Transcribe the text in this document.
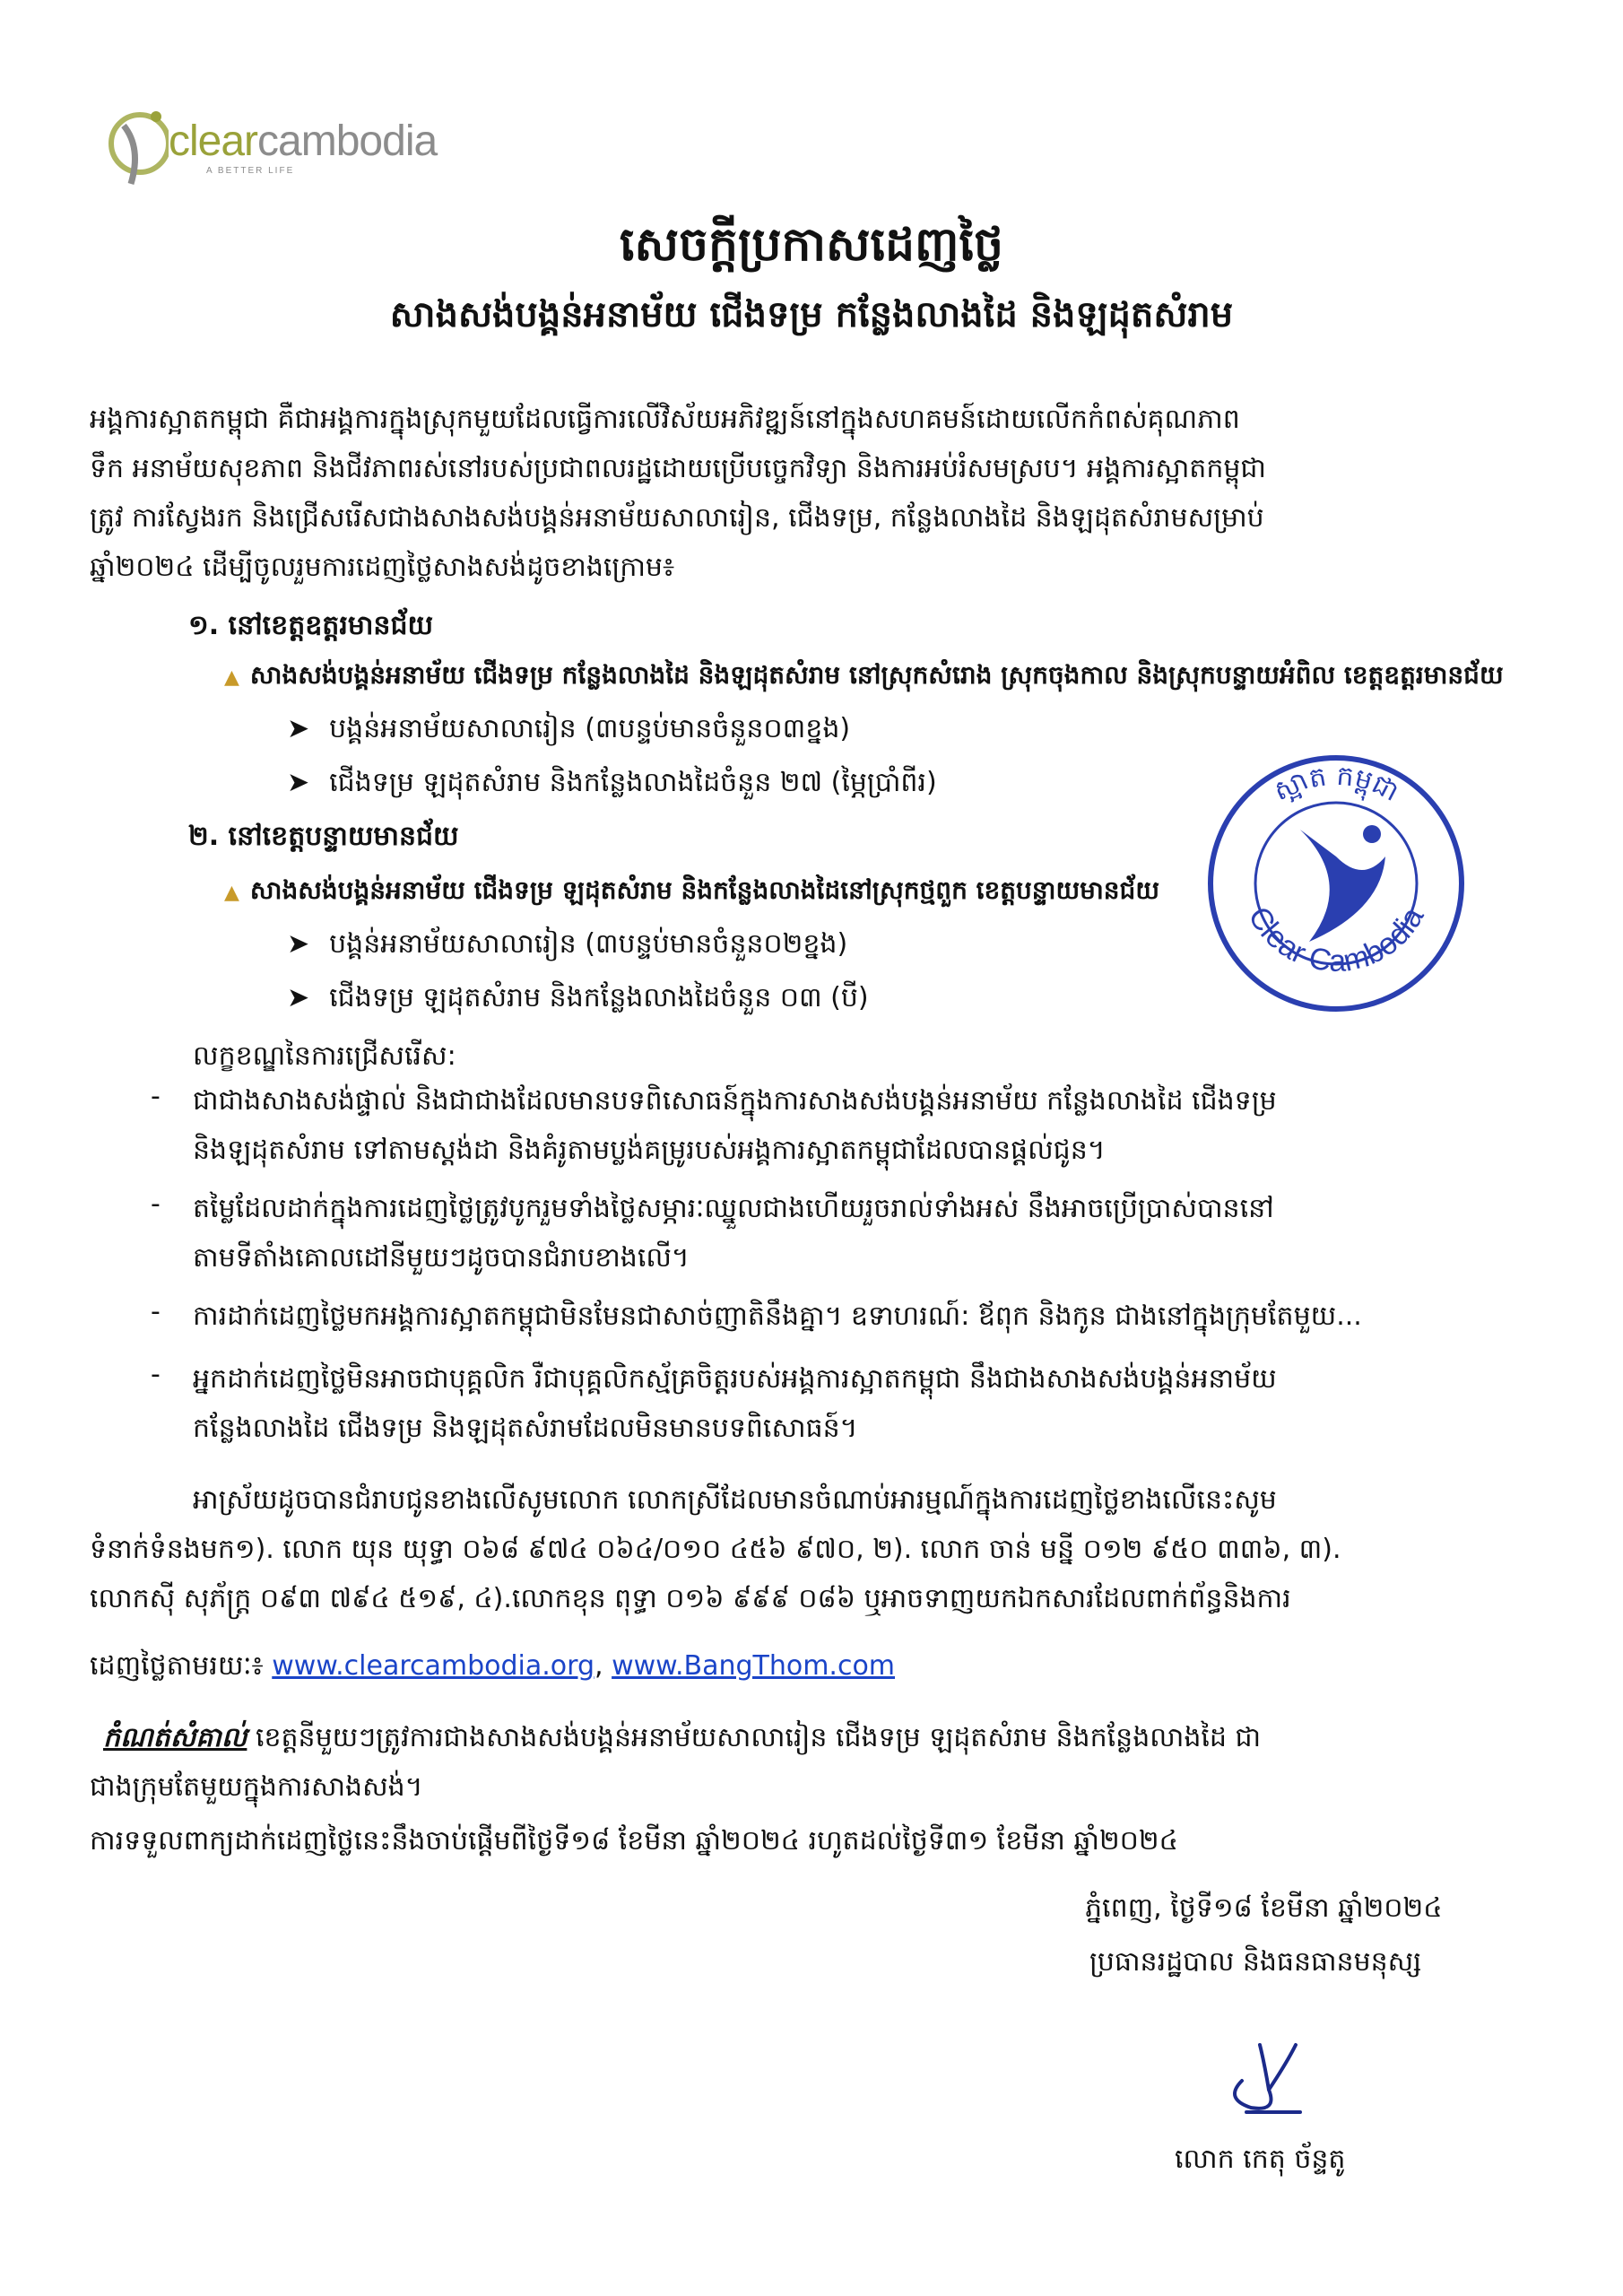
clearcambodia
A BETTER LIFE
សេចក្ដីប្រកាសដេញថ្លៃ
សាងសង់បង្គន់អនាម័យ ជើងទម្រ កន្លែងលាងដៃ និងឡដុតសំរាម
អង្គការស្អាតកម្ពុជា គឺជាអង្គការក្នុងស្រុកមួយដែលធ្វើការលើវិស័យអភិវឌ្ឍន៍នៅក្នុងសហគមន៍ដោយលើកកំពស់គុណភាព
ទឹក អនាម័យសុខភាព និងជីវភាពរស់នៅរបស់ប្រជាពលរដ្ឋដោយប្រើបច្ចេកវិទ្យា និងការអប់រំសមស្រប។ អង្គការស្អាតកម្ពុជា
ត្រូវ ការស្វែងរក និងជ្រើសរើសជាងសាងសង់បង្គន់អនាម័យសាលារៀន, ជើងទម្រ, កន្លែងលាងដៃ និងឡដុតសំរាមសម្រាប់
ឆ្នាំ២០២៤ ដើម្បីចូលរួមការដេញថ្លៃសាងសង់ដូចខាងក្រោម៖
១. នៅខេត្តឧត្តរមានជ័យ
▲ សាងសង់បង្គន់អនាម័យ ជើងទម្រ កន្លែងលាងដៃ និងឡដុតសំរាម នៅស្រុកសំរោង ស្រុកចុងកាល និងស្រុកបន្ទាយអំពិល ខេត្តឧត្តរមានជ័យ
➤ បង្គន់អនាម័យសាលារៀន (៣បន្ទប់មានចំនួន០៣ខ្នង)
➤ ជើងទម្រ ឡដុតសំរាម និងកន្លែងលាងដៃចំនួន ២៧ (ម្ភៃប្រាំពីរ)
២. នៅខេត្តបន្ទាយមានជ័យ
▲ សាងសង់បង្គន់អនាម័យ ជើងទម្រ ឡដុតសំរាម និងកន្លែងលាងដៃនៅស្រុកថ្មពួក ខេត្តបន្ទាយមានជ័យ
➤ បង្គន់អនាម័យសាលារៀន (៣បន្ទប់មានចំនួន០២ខ្នង)
➤ ជើងទម្រ ឡដុតសំរាម និងកន្លែងលាងដៃចំនួន ០៣ (បី)
ស្អាត កម្ពុជា
Clear Cambodia
លក្ខខណ្ឌនៃការជ្រើសរើស:
- ជាជាងសាងសង់ផ្ទាល់ និងជាជាងដែលមានបទពិសោធន៍ក្នុងការសាងសង់បង្គន់អនាម័យ កន្លែងលាងដៃ ជើងទម្រ
និងឡដុតសំរាម ទៅតាមស្តង់ដា និងគំរូតាមប្លង់គម្រូរបស់អង្គការស្អាតកម្ពុជាដែលបានផ្តល់ជូន។
- តម្លៃដែលដាក់ក្នុងការដេញថ្លៃត្រូវបូករួមទាំងថ្លៃសម្ភារៈឈ្នួលជាងហើយរួចរាល់ទាំងអស់ នឹងអាចប្រើប្រាស់បាននៅ
តាមទីតាំងគោលដៅនីមួយៗដូចបានជំរាបខាងលើ។
- ការដាក់ដេញថ្លៃមកអង្គការស្អាតកម្ពុជាមិនមែនជាសាច់ញាតិនឹងគ្នា។ ឧទាហរណ៍: ឪពុក និងកូន ជាងនៅក្នុងក្រុមតែមួយ...
- អ្នកដាក់ដេញថ្លៃមិនអាចជាបុគ្គលិក រឺជាបុគ្គលិកស្ម័គ្រចិត្តរបស់អង្គការស្អាតកម្ពុជា នឹងជាងសាងសង់បង្គន់អនាម័យ
កន្លែងលាងដៃ ជើងទម្រ និងឡដុតសំរាមដែលមិនមានបទពិសោធន៍។
អាស្រ័យដូចបានជំរាបជូនខាងលើសូមលោក លោកស្រីដែលមានចំណាប់អារម្មណ៍ក្នុងការដេញថ្លៃខាងលើនេះសូម
ទំនាក់ទំនងមក១). លោក យុន យុទ្ធា ០៦៨ ៩៧៤ ០៦៤/០១០ ៤៥៦ ៩៧០, ២). លោក ចាន់ មន្នី ០១២ ៩៥០ ៣៣៦, ៣).
លោកស៊ី សុភ័ក្រ្ត ០៩៣ ៧៩៤ ៥១៩, ៤).លោកខុន ពុទ្ធា ០១៦ ៩៩៩ ០៨៦ ឬអាចទាញយកឯកសារដែលពាក់ព័ន្ធនិងការ
ដេញថ្លៃតាមរយៈ៖ www.clearcambodia.org, www.BangThom.com
កំណត់សំគាល់ ខេត្តនីមួយៗត្រូវការជាងសាងសង់បង្គន់អនាម័យសាលារៀន ជើងទម្រ ឡដុតសំរាម និងកន្លែងលាងដៃ ជា
ជាងក្រុមតែមួយក្នុងការសាងសង់។
ការទទួលពាក្យដាក់ដេញថ្លៃនេះនឹងចាប់ផ្តើមពីថ្ងៃទី១៨ ខែមីនា ឆ្នាំ២០២៤ រហូតដល់ថ្ងៃទី៣១ ខែមីនា ឆ្នាំ២០២៤
ភ្នំពេញ, ថ្ងៃទី១៨ ខែមីនា ឆ្នាំ២០២៤
ប្រធានរដ្ឋបាល និងធនធានមនុស្ស
លោក កេតុ ច័ន្ទតូ
